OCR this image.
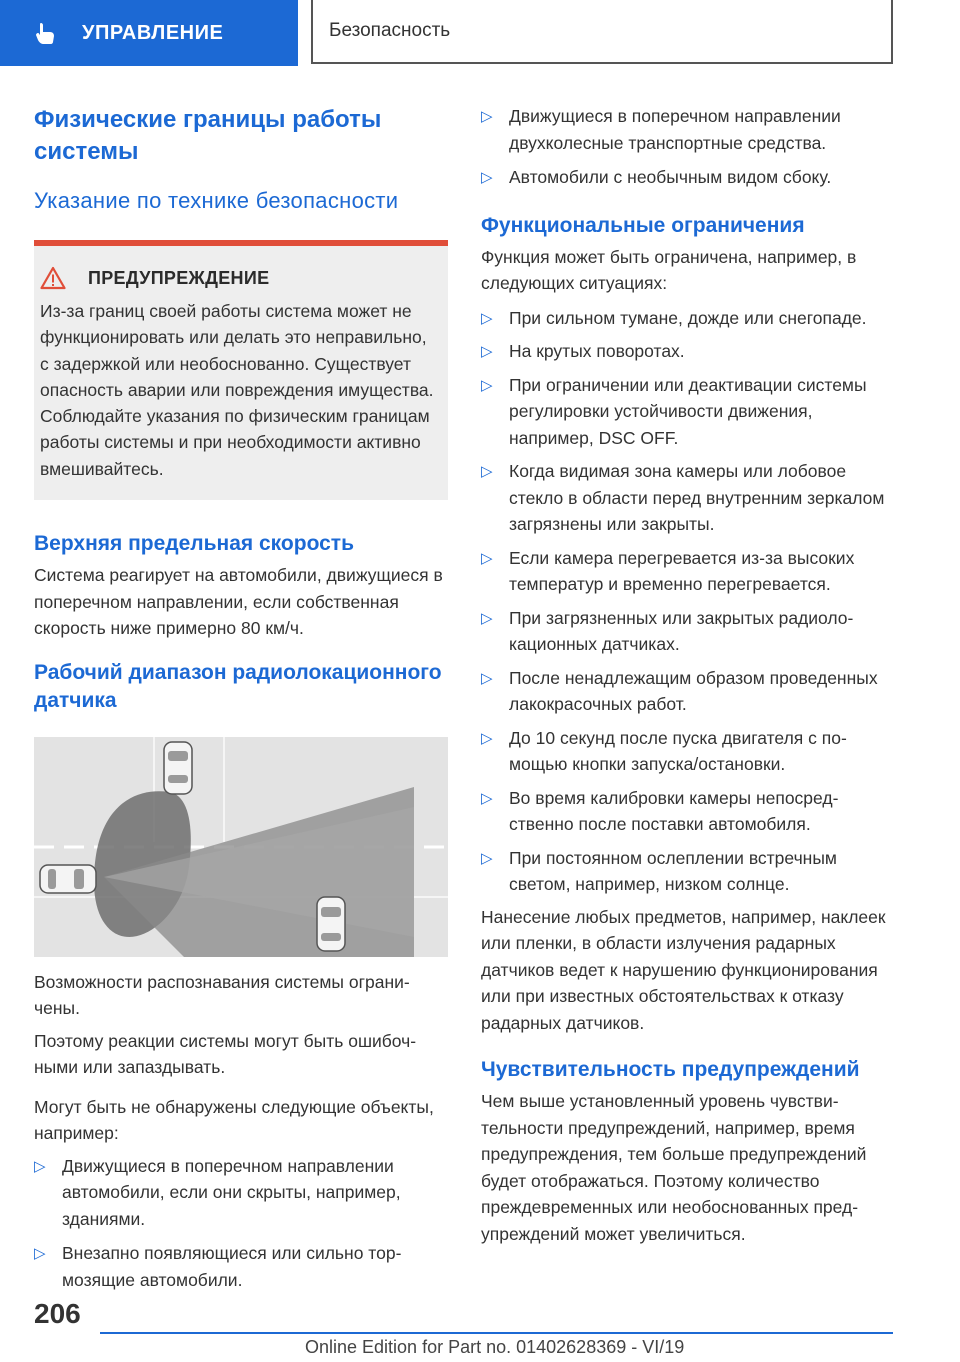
УПРАВЛЕНИЕ	Безопасность
Физические границы работы системы
Указание по технике безопасности
ПРЕДУПРЕЖДЕНИЕ

Из-за границ своей работы система может не функционировать или делать это неправильно, с задержкой или необоснованно. Существует опасность аварии или повреждения имущества. Соблюдайте указания по физическим границам работы системы и при необходимости активно вмешивайтесь.

Верхняя предельная скорость

Система реагирует на автомобили, движущиеся в поперечном направлении, если собственная скорость ниже примерно 80 км/ч.

Рабочий диапазон радиолокационного датчика

Возможности распознавания системы ограничены.

Поэтому реакции системы могут быть ошибочными или запаздывать.

Могут быть не обнаружены следующие объекты, например:

▷ Движущиеся в поперечном направлении автомобили, если они скрыты, например, зданиями.
▷ Внезапно появляющиеся или сильно тормозящие автомобили.
▷ Движущиеся в поперечном направлении двухколесные транспортные средства.
▷ Автомобили с необычным видом сбоку.
Функциональные ограничения

Функция может быть ограничена, например, в следующих ситуациях:

▷ При сильном тумане, дожде или снегопаде.
▷ На крутых поворотах.
▷ При ограничении или деактивации системы регулировки устойчивости движения, например, DSC OFF.
▷ Когда видимая зона камеры или лобовое стекло в области перед внутренним зеркалом загрязнены или закрыты.
▷ Если камера перегревается из-за высоких температур и временно перегревается.
▷ При загрязненных или закрытых радиолокационных датчиках.
▷ После ненадлежащим образом проведенных лакокрасочных работ.
▷ До 10 секунд после пуска двигателя с помощью кнопки запуска/остановки.
▷ Во время калибровки камеры непосредственно после поставки автомобиля.
▷ При постоянном ослеплении встречным светом, например, низком солнце.

Нанесение любых предметов, например, наклеек или пленки, в области излучения радарных датчиков ведет к нарушению функционирования или при известных обстоятельствах к отказу радарных датчиков.

Чувствительность предупреждений

Чем выше установленный уровень чувствительности предупреждений, например, время предупреждения, тем больше предупреждений будет отображаться. Поэтому количество преждевременных или необоснованных предупреждений может увеличиться.

206
Online Edition for Part no. 01402628369 - VI/19
